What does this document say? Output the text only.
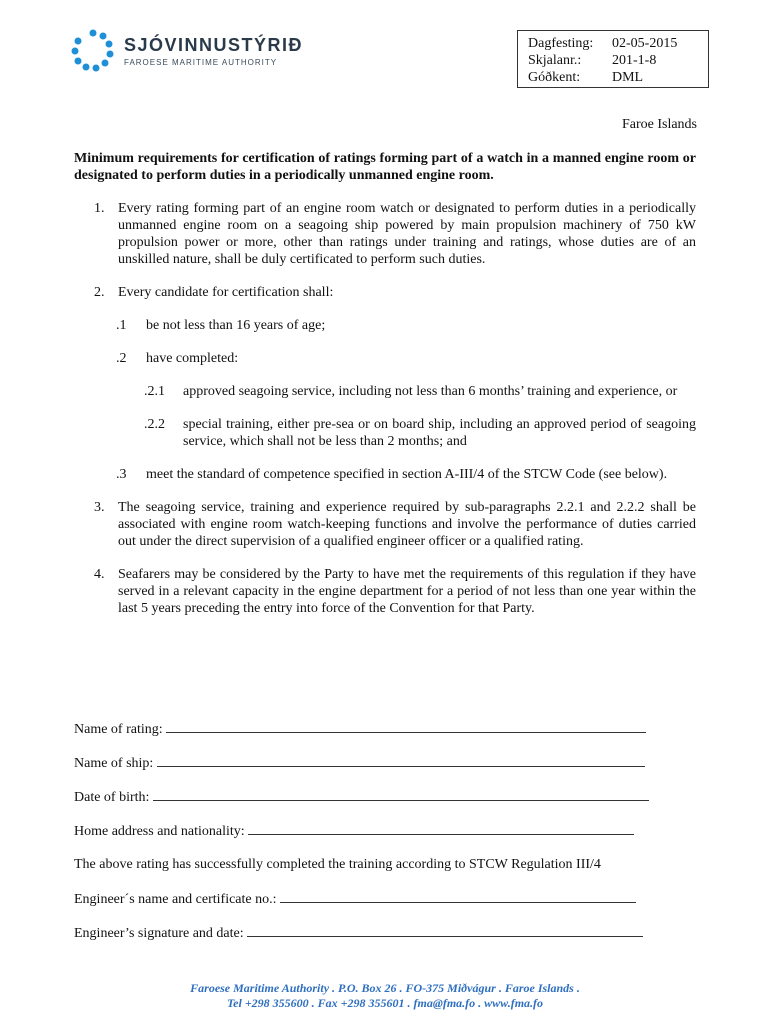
SJÓVINNUSTÝRIÐ
FAROESE MARITIME AUTHORITY
Dagfesting:	02-05-2015
Skjalanr.:	201-1-8
Góðkent:	DML
Faroe Islands
Minimum requirements for certification of ratings forming part of a watch in a manned engine room or designated to perform duties in a periodically unmanned engine room.
1. Every rating forming part of an engine room watch or designated to perform duties in a periodically unmanned engine room on a seagoing ship powered by main propulsion machinery of 750 kW propulsion power or more, other than ratings under training and ratings, whose duties are of an unskilled nature, shall be duly certificated to perform such duties.
2. Every candidate for certification shall:
.1	be not less than 16 years of age;
.2	have completed:
.2.1	approved seagoing service, including not less than 6 months’ training and experience, or
.2.2	special training, either pre-sea or on board ship, including an approved period of seagoing service, which shall not be less than 2 months; and
.3	meet the standard of competence specified in section A-III/4 of the STCW Code (see below).
3. The seagoing service, training and experience required by sub-paragraphs 2.2.1 and 2.2.2 shall be associated with engine room watch-keeping functions and involve the performance of duties carried out under the direct supervision of a qualified engineer officer or a qualified rating.
4. Seafarers may be considered by the Party to have met the requirements of this regulation if they have served in a relevant capacity in the engine department for a period of not less than one year within the last 5 years preceding the entry into force of the Convention for that Party.
Name of rating:
Name of ship:
Date of birth:
Home address and nationality:
The above rating has successfully completed the training according to STCW Regulation III/4
Engineer´s name and certificate no.:
Engineer’s signature and date:
Faroese Maritime Authority . P.O. Box 26 . FO-375 Miðvágur . Faroe Islands .
Tel +298 355600 . Fax +298 355601 . fma@fma.fo . www.fma.fo
